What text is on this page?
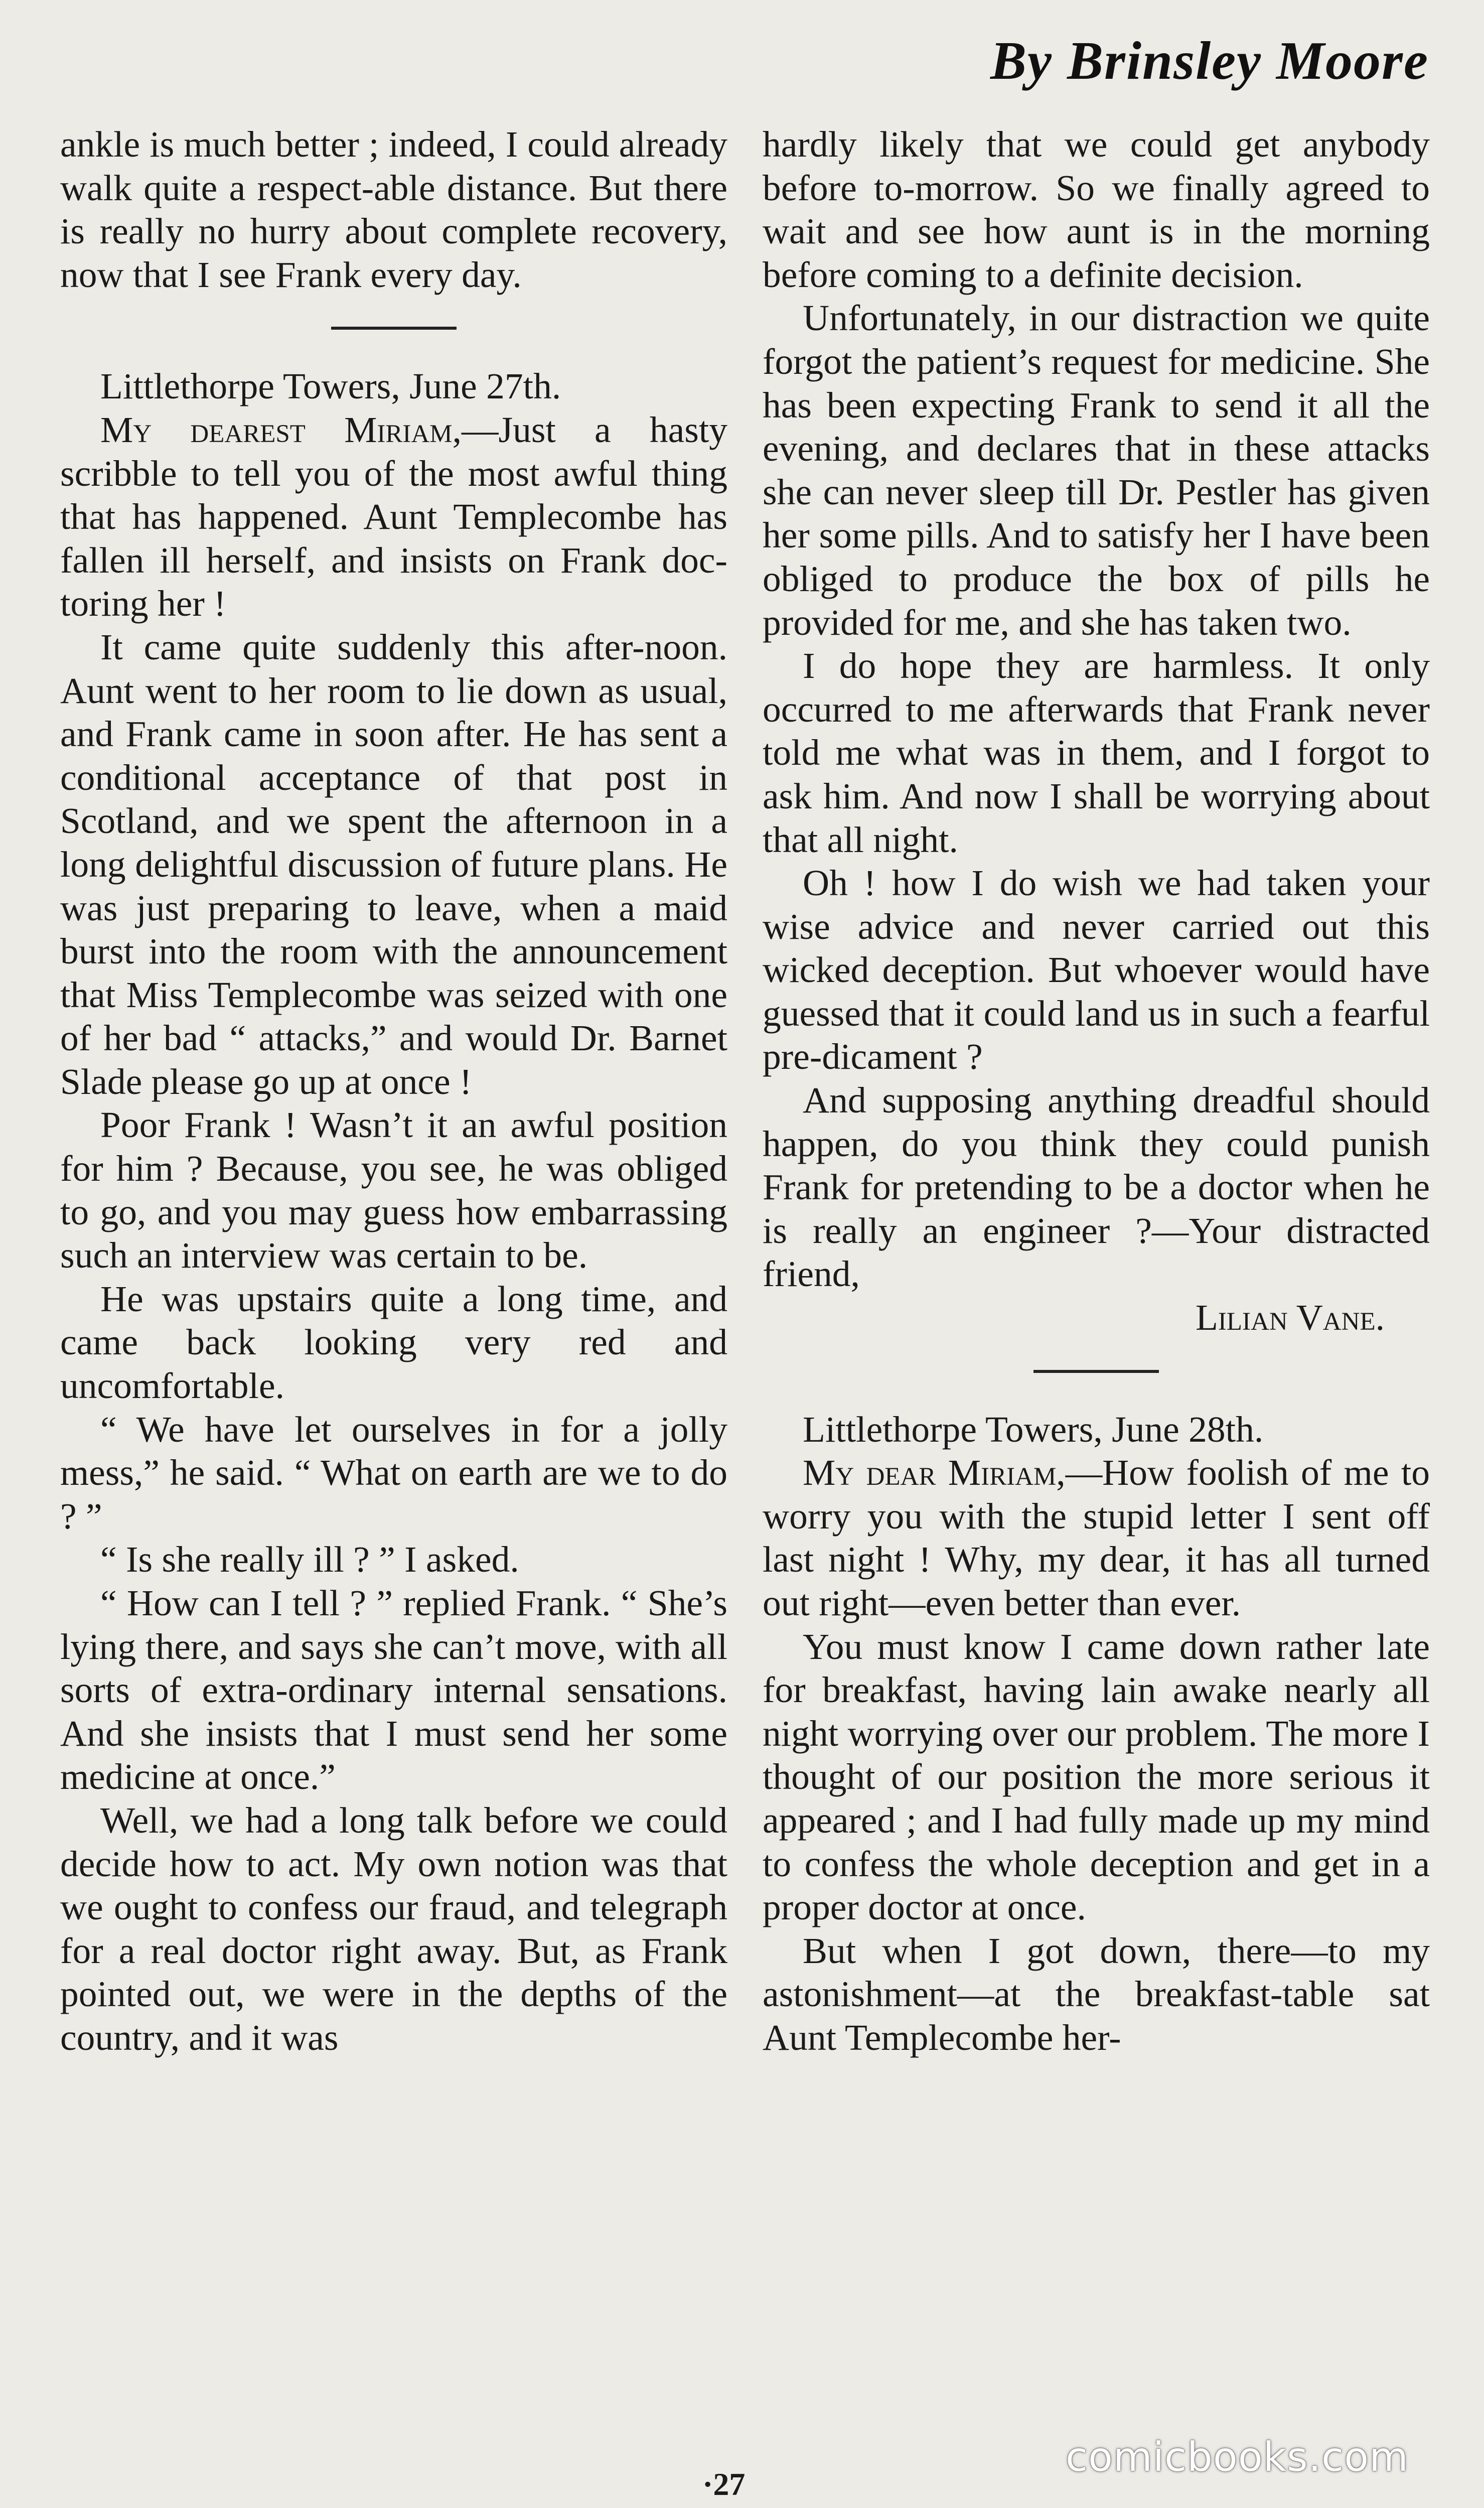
By Brinsley Moore

ankle is much better ; indeed, I could already walk quite a respect-able distance. But there is really no hurry about complete recovery, now that I see Frank every day.

Littlethorpe Towers, June 27th.

My dearest Miriam,—Just a hasty scribble to tell you of the most awful thing that has happened. Aunt Templecombe has fallen ill herself, and insists on Frank doc-toring her !

It came quite suddenly this after-noon. Aunt went to her room to lie down as usual, and Frank came in soon after. He has sent a conditional acceptance of that post in Scotland, and we spent the afternoon in a long delightful discussion of future plans. He was just preparing to leave, when a maid burst into the room with the announcement that Miss Templecombe was seized with one of her bad “ attacks,” and would Dr. Barnet Slade please go up at once !

Poor Frank ! Wasn’t it an awful position for him ? Because, you see, he was obliged to go, and you may guess how embarrassing such an interview was certain to be.

He was upstairs quite a long time, and came back looking very red and uncomfortable.

“ We have let ourselves in for a jolly mess,” he said. “ What on earth are we to do ? ”

“ Is she really ill ? ” I asked.

“ How can I tell ? ” replied Frank. “ She’s lying there, and says she can’t move, with all sorts of extra-ordinary internal sensations. And she insists that I must send her some medicine at once.”

Well, we had a long talk before we could decide how to act. My own notion was that we ought to confess our fraud, and telegraph for a real doctor right away. But, as Frank pointed out, we were in the depths of the country, and it was

hardly likely that we could get anybody before to-morrow. So we finally agreed to wait and see how aunt is in the morning before coming to a definite decision.

Unfortunately, in our distraction we quite forgot the patient’s request for medicine. She has been expecting Frank to send it all the evening, and declares that in these attacks she can never sleep till Dr. Pestler has given her some pills. And to satisfy her I have been obliged to produce the box of pills he provided for me, and she has taken two.

I do hope they are harmless. It only occurred to me afterwards that Frank never told me what was in them, and I forgot to ask him. And now I shall be worrying about that all night.

Oh ! how I do wish we had taken your wise advice and never carried out this wicked deception. But whoever would have guessed that it could land us in such a fearful pre-dicament ?

And supposing anything dreadful should happen, do you think they could punish Frank for pretending to be a doctor when he is really an engineer ?—Your distracted friend,

Lilian Vane.

Littlethorpe Towers, June 28th.

My dear Miriam,—How foolish of me to worry you with the stupid letter I sent off last night ! Why, my dear, it has all turned out right—even better than ever.

You must know I came down rather late for breakfast, having lain awake nearly all night worrying over our problem. The more I thought of our position the more serious it appeared ; and I had fully made up my mind to confess the whole deception and get in a proper doctor at once.

But when I got down, there—to my astonishment—at the breakfast-table sat Aunt Templecombe her-

·27
comicbooks.com
